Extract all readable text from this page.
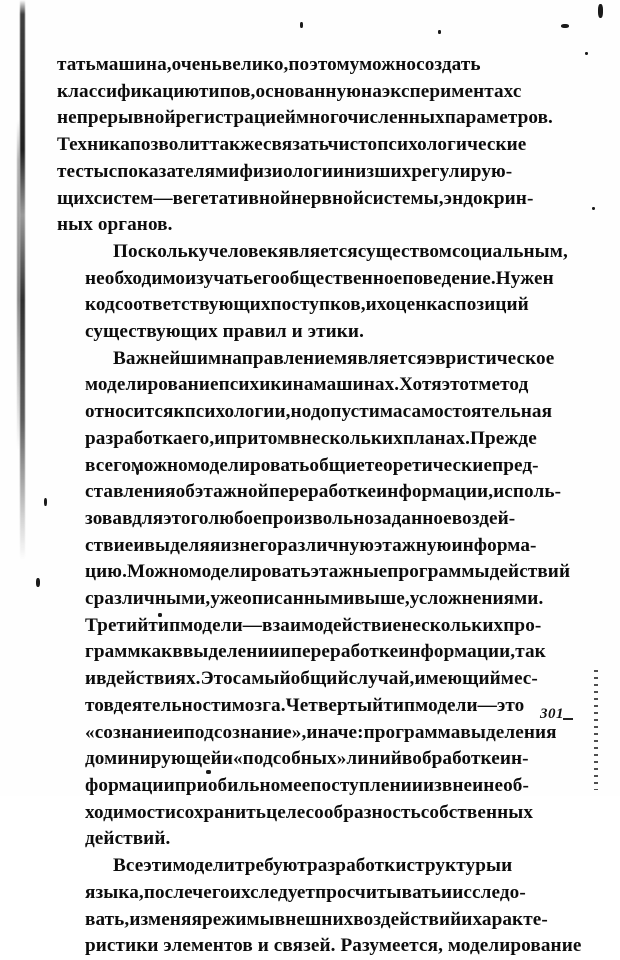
татьмашина,оченьвелико,поэтомуможносоздать
классификациютипов,основаннуюнаэкспериментахс
непрерывнойрегистрациеймногочисленныхпараметров.
Техникапозволиттакжесвязатьчистопсихологические
тестыспоказателямифизиологиинизшихрегулирую-
щихсистем—вегетативнойнервнойсистемы,эндокрин-
ных органов.

Посколькучеловекявляетсясуществомсоциальным,
необходимоизучатьегообщественноеповедение.Нужен
кодсоответствующихпоступков,ихоценкаспозиций
существующих правил и этики.

Важнейшимнаправлениемявляетсяэвристическое
моделированиепсихикинамашинах.Хотяэтотметод
относитсякпсихологии,нодопустимасамостоятельная
разработкаего,ипритомвнесколькихпланах.Прежде
всегоможномоделироватьобщиетеоретическиепред-
ставленияобэтажнойпереработкеинформации,исполь-
зовавдляэтоголюбоепроизвольнозаданноевоздей-
ствиеивыделяяизнегоразличнуюэтажнуюинформа-
цию.Можномоделироватьэтажныепрограммыдействий
сразличными,ужеописаннымивыше,усложнениями.
Третийтипмодели—взаимодействиенесколькихпро-
граммкакввыделенииипереработкеинформации,так
ивдействиях.Этосамыйобщийслучай,имеющиймес-
товдеятельностимозга.Четвертыйтипмодели—это
«сознаниеиподсознание»,иначе:программавыделения
доминирующейи«подсобных»линийвобработкеин-
формацииприобильномеепоступленииизвнеинеоб-
ходимостисохранитьцелесообразностьсобственных
действий.

Всеэтимоделитребуютразработкиструктурыи
языка,послечегоихследуетпросчитыватьиисследо-
вать,изменяярежимывнешнихвоздействийихаракте-
ристики элементов и связей. Разумеется, моделирование

301
